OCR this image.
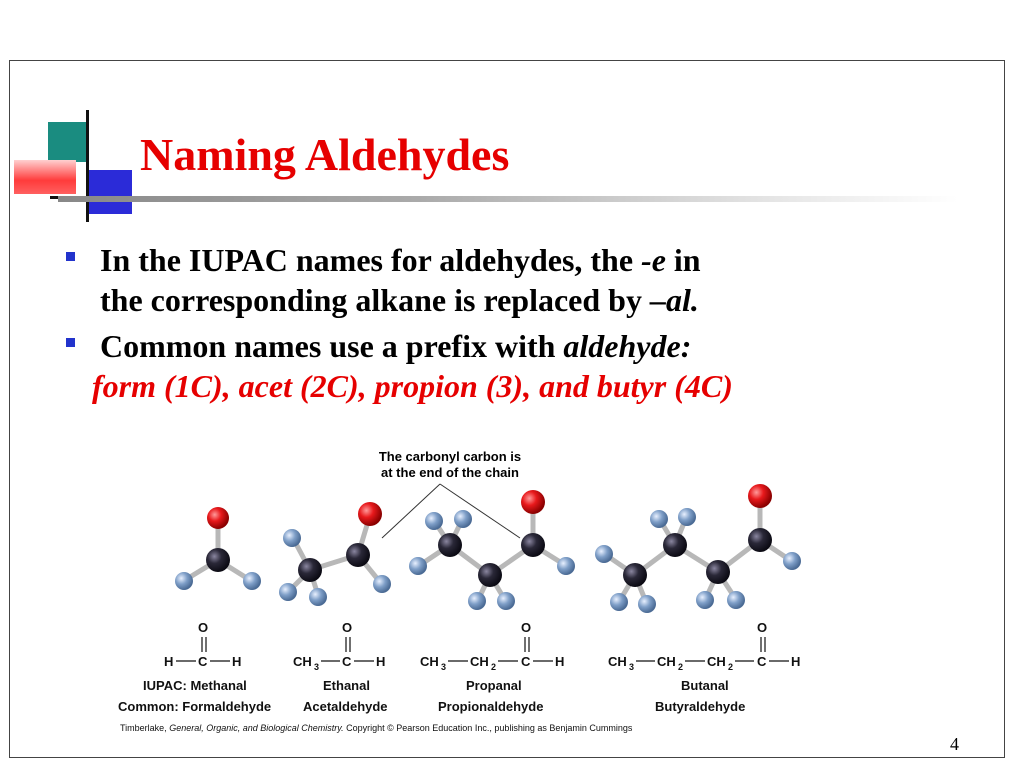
Naming Aldehydes
In the IUPAC names for aldehydes, the -e in
the corresponding alkane is replaced by –al.
Common names use a prefix with aldehyde:
form (1C), acet (2C), propion (3), and butyr (4C)
The carbonyl carbon is
at the end of the chain
O
H C H
O
CH 3 C H
O
CH 3 CH 2 C H
O
CH 3 CH 2 CH 2 C H
IUPAC: Methanal
Common: Formaldehyde
Ethanal
Acetaldehyde
Propanal
Propionaldehyde
Butanal
Butyraldehyde
Timberlake, General, Organic, and Biological Chemistry. Copyright © Pearson Education Inc., publishing as Benjamin Cummings
4
